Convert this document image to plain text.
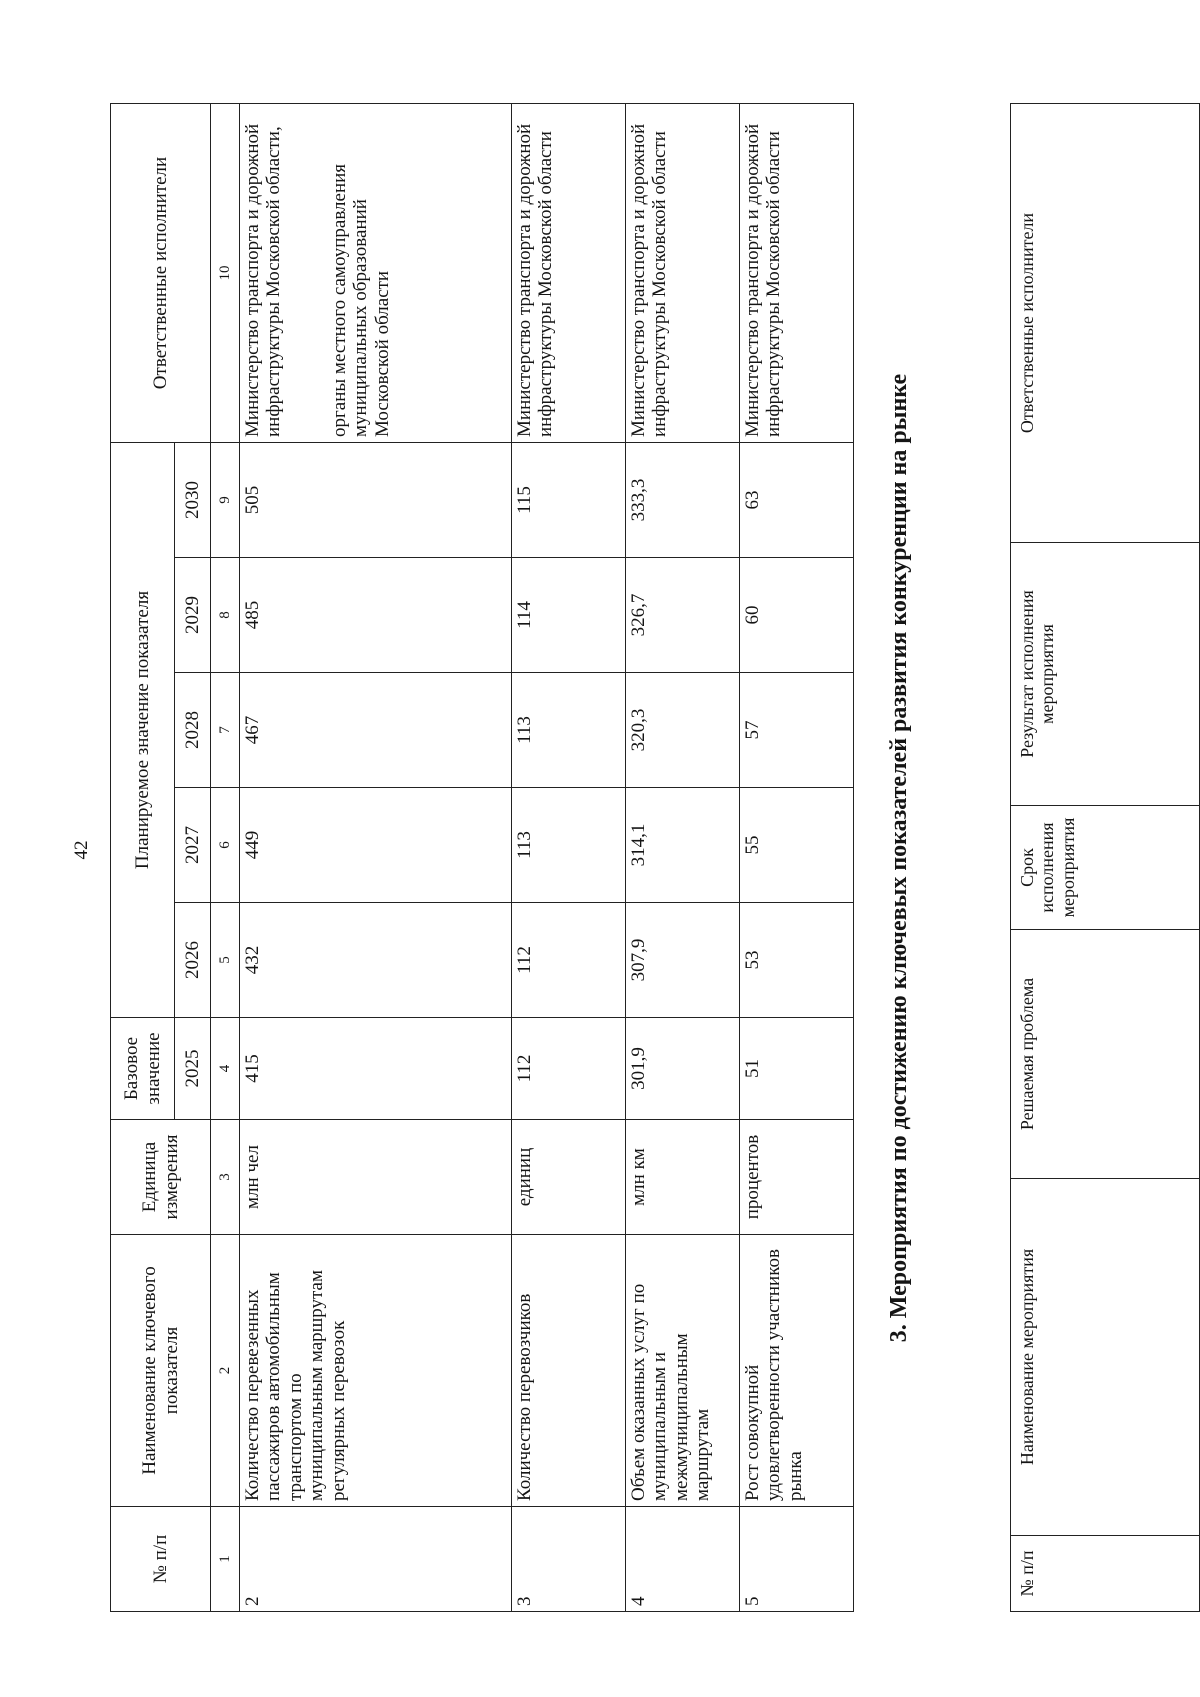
42
№ п/п	Наименование ключевого показателя	Единица измерения	Базовое значение	Планируемое значение показателя					Ответственные исполнители
			2025	2026	2027	2028	2029	2030	
1	2	3	4	5	6	7	8	9	10
2	Количество перевезенных пассажиров автомобильным транспортом по муниципальным маршрутам регулярных перевозок	млн чел	415	432	449	467	485	505	Министерство транспорта и дорожной инфраструктуры Московской области, органы местного самоуправления муниципальных образований Московской области
3	Количество перевозчиков	единиц	112	112	113	113	114	115	Министерство транспорта и дорожной инфраструктуры Московской области
4	Объем оказанных услуг по муниципальным и межмуниципальным маршрутам	млн км	301,9	307,9	314,1	320,3	326,7	333,3	Министерство транспорта и дорожной инфраструктуры Московской области
5	Рост совокупной удовлетворенности участников рынка	процентов	51	53	55	57	60	63	Министерство транспорта и дорожной инфраструктуры Московской области
3. Мероприятия по достижению ключевых показателей развития конкуренции на рынке
№ п/п	Наименование мероприятия	Решаемая проблема	Срок исполнения мероприятия	Результат исполнения мероприятия	Ответственные исполнители
